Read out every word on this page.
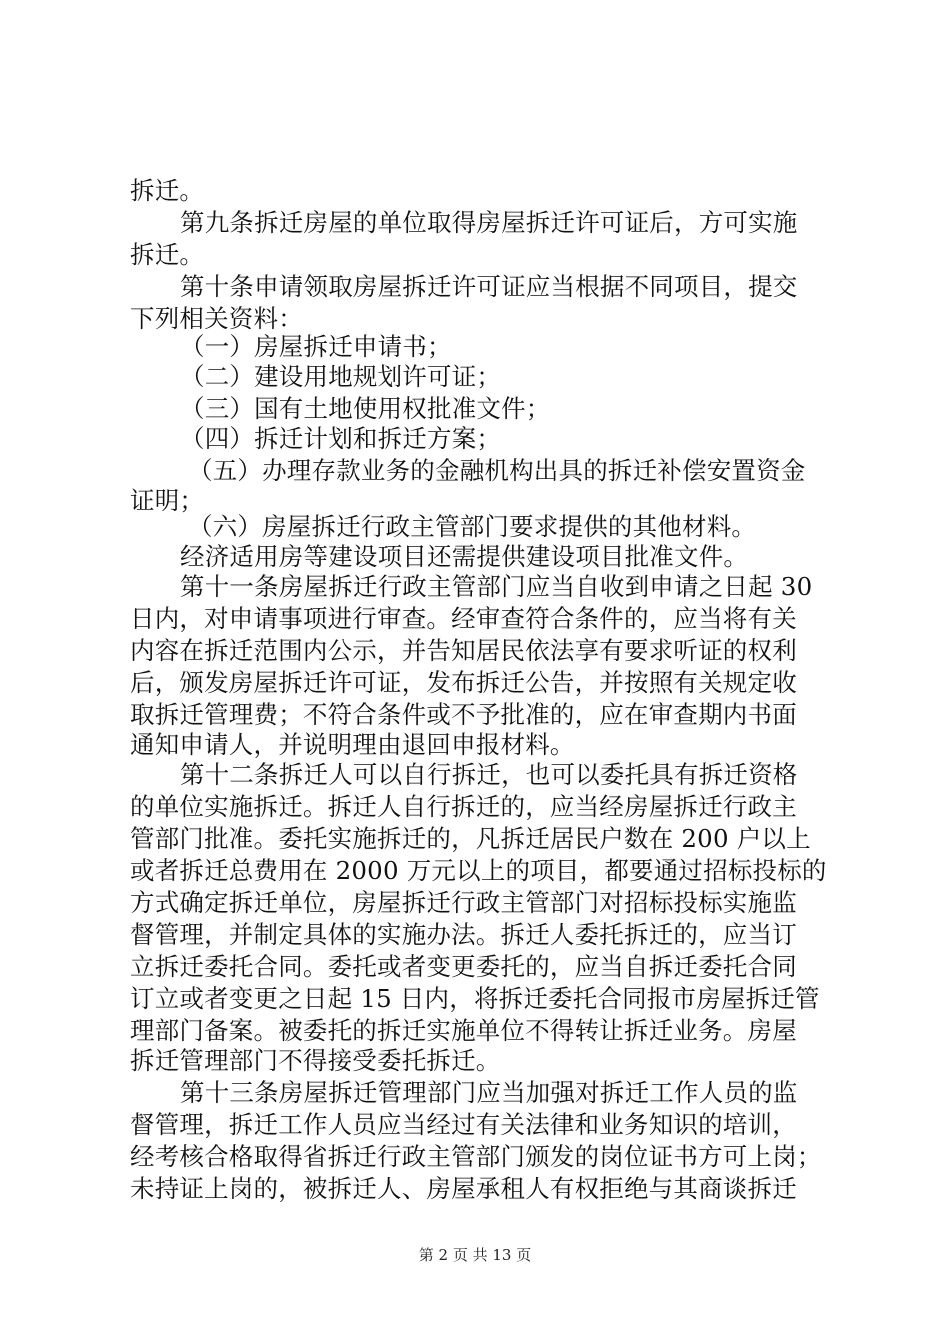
拆迁。
第九条拆迁房屋的单位取得房屋拆迁许可证后，方可实施
拆迁。
第十条申请领取房屋拆迁许可证应当根据不同项目，提交
下列相关资料：
（一）房屋拆迁申请书；
（二）建设用地规划许可证；
（三）国有土地使用权批准文件；
（四）拆迁计划和拆迁方案；
（五）办理存款业务的金融机构出具的拆迁补偿安置资金
证明；
（六）房屋拆迁行政主管部门要求提供的其他材料。
经济适用房等建设项目还需提供建设项目批准文件。
第十一条房屋拆迁行政主管部门应当自收到申请之日起 30
日内，对申请事项进行审查。经审查符合条件的，应当将有关
内容在拆迁范围内公示，并告知居民依法享有要求听证的权利
后，颁发房屋拆迁许可证，发布拆迁公告，并按照有关规定收
取拆迁管理费；不符合条件或不予批准的，应在审查期内书面
通知申请人，并说明理由退回申报材料。
第十二条拆迁人可以自行拆迁，也可以委托具有拆迁资格
的单位实施拆迁。拆迁人自行拆迁的，应当经房屋拆迁行政主
管部门批准。委托实施拆迁的，凡拆迁居民户数在 200 户以上
或者拆迁总费用在 2000 万元以上的项目，都要通过招标投标的
方式确定拆迁单位，房屋拆迁行政主管部门对招标投标实施监
督管理，并制定具体的实施办法。拆迁人委托拆迁的，应当订
立拆迁委托合同。委托或者变更委托的，应当自拆迁委托合同
订立或者变更之日起 15 日内，将拆迁委托合同报市房屋拆迁管
理部门备案。被委托的拆迁实施单位不得转让拆迁业务。房屋
拆迁管理部门不得接受委托拆迁。
第十三条房屋拆迁管理部门应当加强对拆迁工作人员的监
督管理，拆迁工作人员应当经过有关法律和业务知识的培训，
经考核合格取得省拆迁行政主管部门颁发的岗位证书方可上岗；
未持证上岗的，被拆迁人、房屋承租人有权拒绝与其商谈拆迁
第 2 页 共 13 页
